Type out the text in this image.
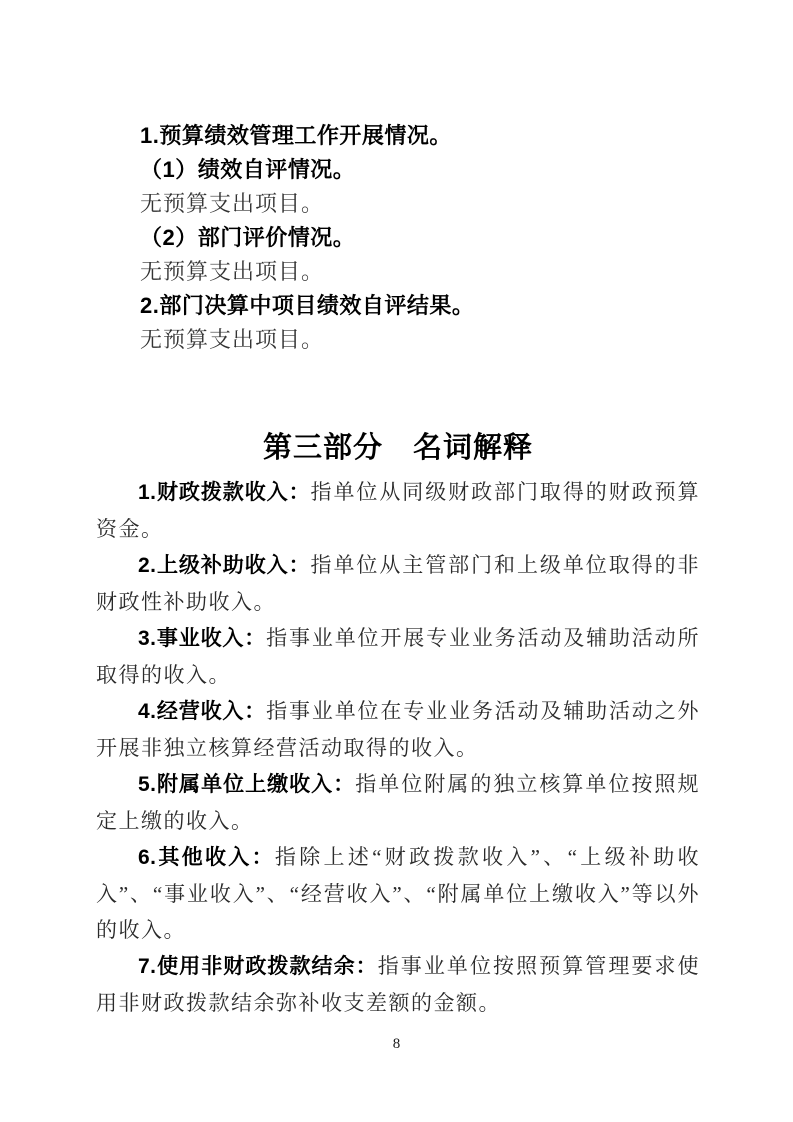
1.预算绩效管理工作开展情况。

（1）绩效自评情况。

无预算支出项目。

（2）部门评价情况。

无预算支出项目。

2.部门决算中项目绩效自评结果。

无预算支出项目。

第三部分　名词解释

1.财政拨款收入：指单位从同级财政部门取得的财政预算资金。

2.上级补助收入：指单位从主管部门和上级单位取得的非财政性补助收入。

3.事业收入：指事业单位开展专业业务活动及辅助活动所取得的收入。

4.经营收入：指事业单位在专业业务活动及辅助活动之外开展非独立核算经营活动取得的收入。

5.附属单位上缴收入：指单位附属的独立核算单位按照规定上缴的收入。

6.其他收入：指除上述“财政拨款收入”、“上级补助收入”、“事业收入”、“经营收入”、“附属单位上缴收入”等以外的收入。

7.使用非财政拨款结余：指事业单位按照预算管理要求使用非财政拨款结余弥补收支差额的金额。

8
